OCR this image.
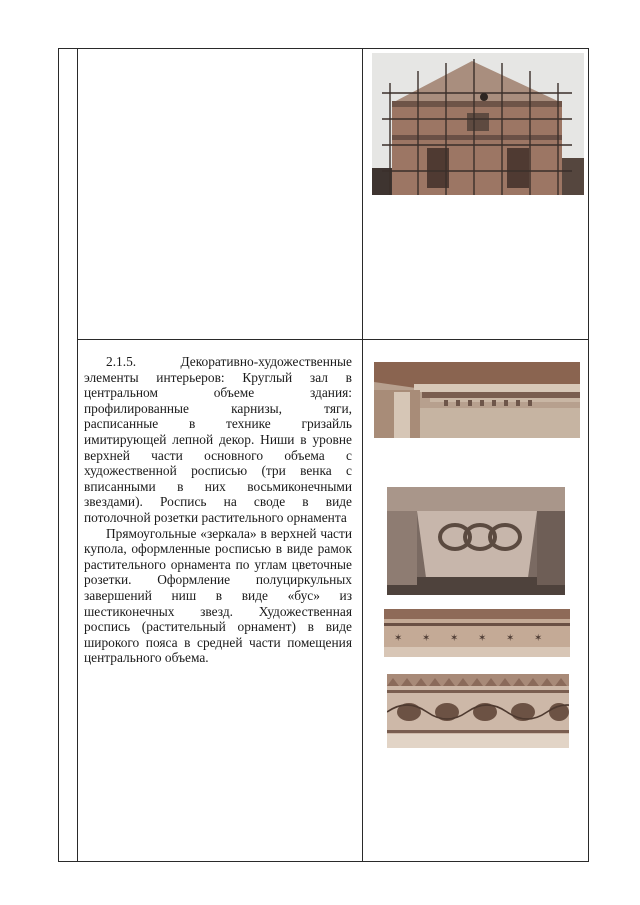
2.1.5. Декоративно-художественные элементы интерьеров: Круглый зал в центральном объеме здания: профилированные карнизы, тяги, расписанные в технике гризайль имитирующей лепной декор. Ниши в уровне верхней части основного объема с художественной росписью (три венка с вписанными в них восьмиконечными звездами). Роспись на своде в виде потолочной розетки растительного орнамента

Прямоугольные «зеркала» в верхней части купола, оформленные росписью в виде рамок растительного орнамента по углам цветочные розетки. Оформление полуциркульных завершений ниш в виде «бус» из шестиконечных звезд. Художественная роспись (растительный орнамент) в виде широкого пояса в средней части помещения центрального объема.

✶ ✶ ✶ ✶ ✶ ✶
